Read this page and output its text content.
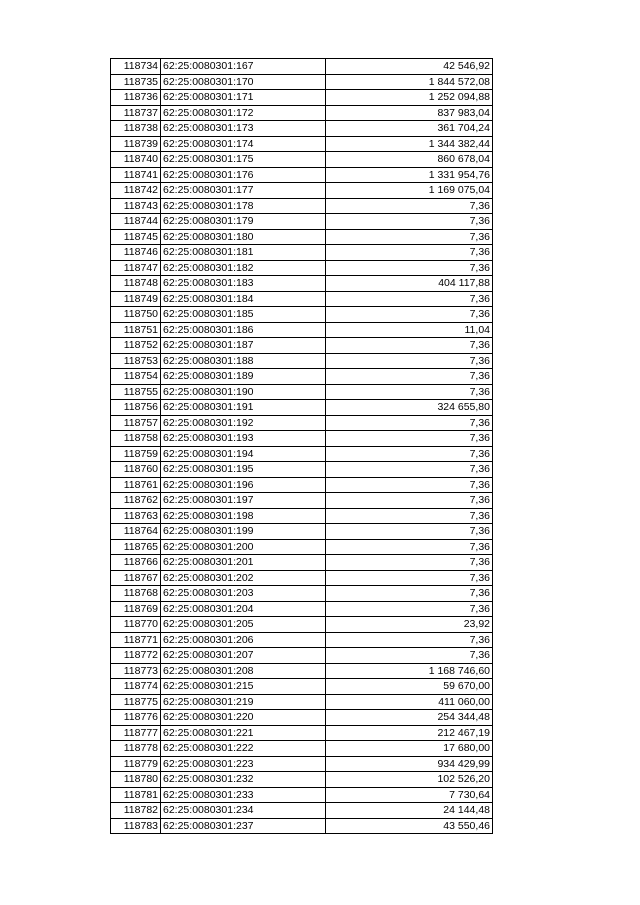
118734	62:25:0080301:167	42 546,92
118735	62:25:0080301:170	1 844 572,08
118736	62:25:0080301:171	1 252 094,88
118737	62:25:0080301:172	837 983,04
118738	62:25:0080301:173	361 704,24
118739	62:25:0080301:174	1 344 382,44
118740	62:25:0080301:175	860 678,04
118741	62:25:0080301:176	1 331 954,76
118742	62:25:0080301:177	1 169 075,04
118743	62:25:0080301:178	7,36
118744	62:25:0080301:179	7,36
118745	62:25:0080301:180	7,36
118746	62:25:0080301:181	7,36
118747	62:25:0080301:182	7,36
118748	62:25:0080301:183	404 117,88
118749	62:25:0080301:184	7,36
118750	62:25:0080301:185	7,36
118751	62:25:0080301:186	11,04
118752	62:25:0080301:187	7,36
118753	62:25:0080301:188	7,36
118754	62:25:0080301:189	7,36
118755	62:25:0080301:190	7,36
118756	62:25:0080301:191	324 655,80
118757	62:25:0080301:192	7,36
118758	62:25:0080301:193	7,36
118759	62:25:0080301:194	7,36
118760	62:25:0080301:195	7,36
118761	62:25:0080301:196	7,36
118762	62:25:0080301:197	7,36
118763	62:25:0080301:198	7,36
118764	62:25:0080301:199	7,36
118765	62:25:0080301:200	7,36
118766	62:25:0080301:201	7,36
118767	62:25:0080301:202	7,36
118768	62:25:0080301:203	7,36
118769	62:25:0080301:204	7,36
118770	62:25:0080301:205	23,92
118771	62:25:0080301:206	7,36
118772	62:25:0080301:207	7,36
118773	62:25:0080301:208	1 168 746,60
118774	62:25:0080301:215	59 670,00
118775	62:25:0080301:219	411 060,00
118776	62:25:0080301:220	254 344,48
118777	62:25:0080301:221	212 467,19
118778	62:25:0080301:222	17 680,00
118779	62:25:0080301:223	934 429,99
118780	62:25:0080301:232	102 526,20
118781	62:25:0080301:233	7 730,64
118782	62:25:0080301:234	24 144,48
118783	62:25:0080301:237	43 550,46
